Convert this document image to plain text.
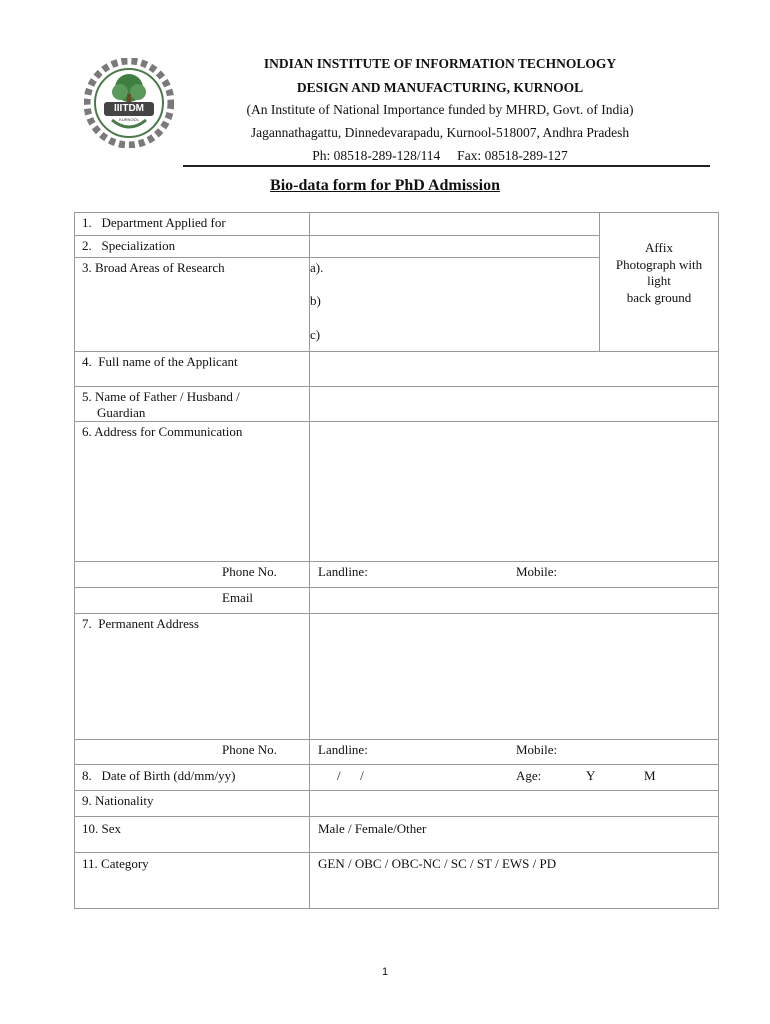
IIITDM
KURNOOL
INDIAN INSTITUTE OF INFORMATION TECHNOLOGY
DESIGN AND MANUFACTURING, KURNOOL
(An Institute of National Importance funded by MHRD, Govt. of India)
Jagannathagattu, Dinnedevarapadu, Kurnool-518007, Andhra Pradesh
Ph: 08518-289-128/114     Fax: 08518-289-127
Bio-data form for PhD Admission
1.   Department Applied for
2.   Specialization
3. Broad Areas of Research	a).
b)
c)
Affix
Photograph with
light
back ground
4.  Full name of the Applicant
5. Name of Father / Husband /
Guardian
6. Address for Communication
Phone No.	Landline:	Mobile:
Email
7.  Permanent Address
Phone No.	Landline:	Mobile:
8.   Date of Birth (dd/mm/yy)	/      /	Age:	Y	M
9. Nationality
10. Sex	Male / Female/Other
11. Category	GEN / OBC / OBC-NC / SC / ST / EWS / PD
1
